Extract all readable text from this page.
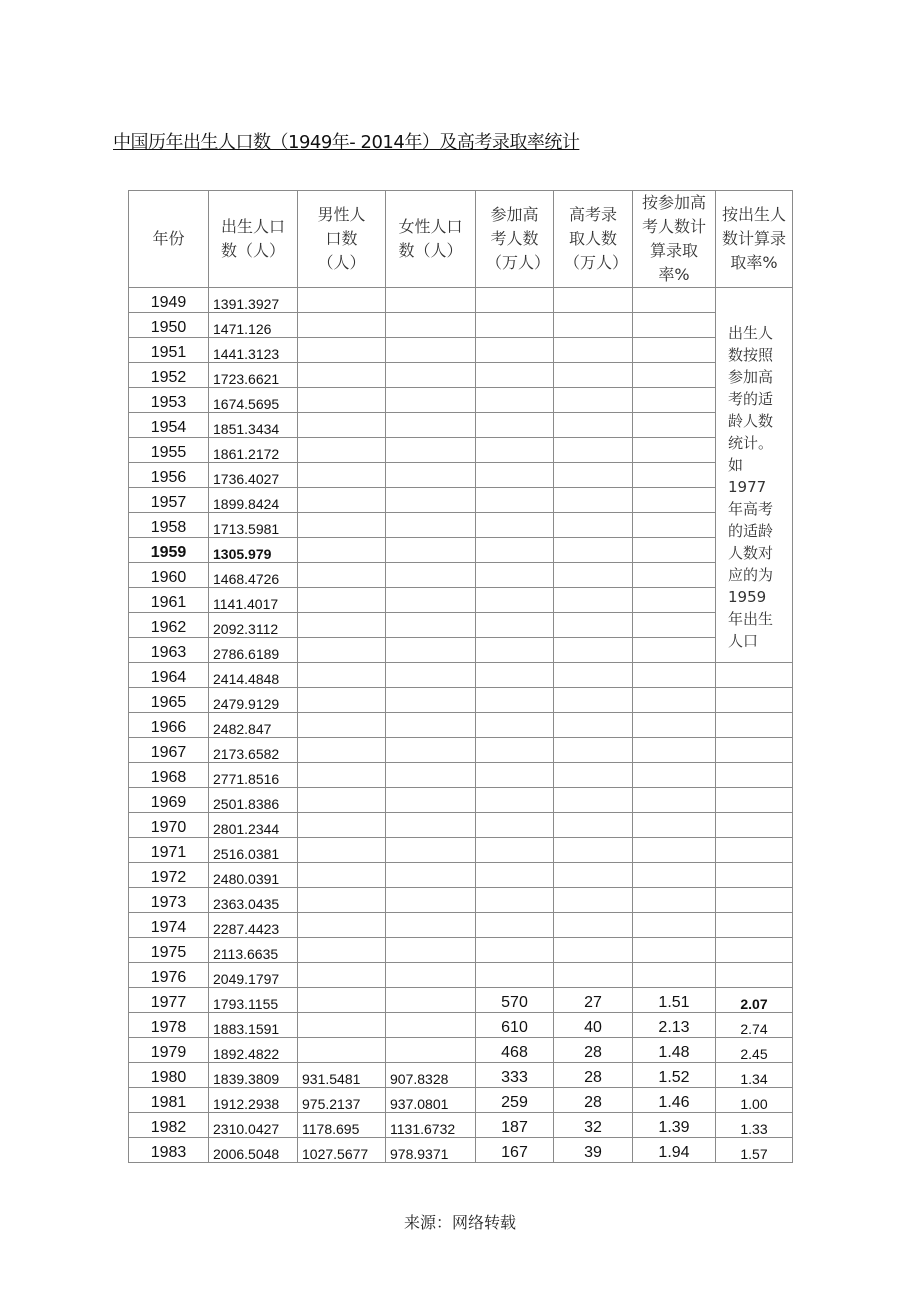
中国历年出生人口数（1949年- 2014年）及高考录取率统计
年份	出生人口数（人）	男性人口数（人）	女性人口数（人）	参加高考人数（万人）	高考录取人数（万人）	按参加高考人数计算录取率%	按出生人数计算录取率%
1949	1391.3927						出生人数按照参加高考的适龄人数统计。如 1977 年高考的适龄人数对应的为 1959 年出生人口
1950	1471.126						
1951	1441.3123						
1952	1723.6621						
1953	1674.5695						
1954	1851.3434						
1955	1861.2172						
1956	1736.4027						
1957	1899.8424						
1958	1713.5981						
1959	1305.979						
1960	1468.4726						
1961	1141.4017						
1962	2092.3112						
1963	2786.6189						
1964	2414.4848						
1965	2479.9129						
1966	2482.847						
1967	2173.6582						
1968	2771.8516						
1969	2501.8386						
1970	2801.2344						
1971	2516.0381						
1972	2480.0391						
1973	2363.0435						
1974	2287.4423						
1975	2113.6635						
1976	2049.1797						
1977	1793.1155			570	27	1.51	2.07
1978	1883.1591			610	40	2.13	2.74
1979	1892.4822			468	28	1.48	2.45
1980	1839.3809	931.5481	907.8328	333	28	1.52	1.34
1981	1912.2938	975.2137	937.0801	259	28	1.46	1.00
1982	2310.0427	1178.695	1131.6732	187	32	1.39	1.33
1983	2006.5048	1027.5677	978.9371	167	39	1.94	1.57
来源：网络转载
